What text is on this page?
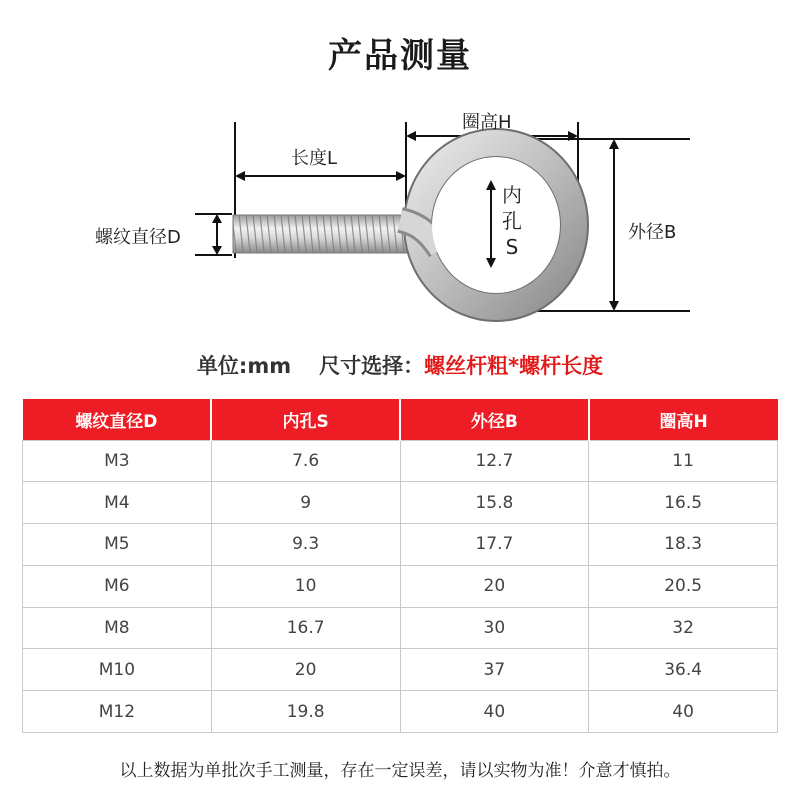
产品测量
长度L
圈高H
螺纹直径D
内
孔
S
外径B
单位:mm 尺寸选择：螺丝杆粗*螺杆长度
螺纹直径D	内孔S	外径B	圈高H
M3	7.6	12.7	11
M4	9	15.8	16.5
M5	9.3	17.7	18.3
M6	10	20	20.5
M8	16.7	30	32
M10	20	37	36.4
M12	19.8	40	40
以上数据为单批次手工测量，存在一定误差，请以实物为准！介意才慎拍。
